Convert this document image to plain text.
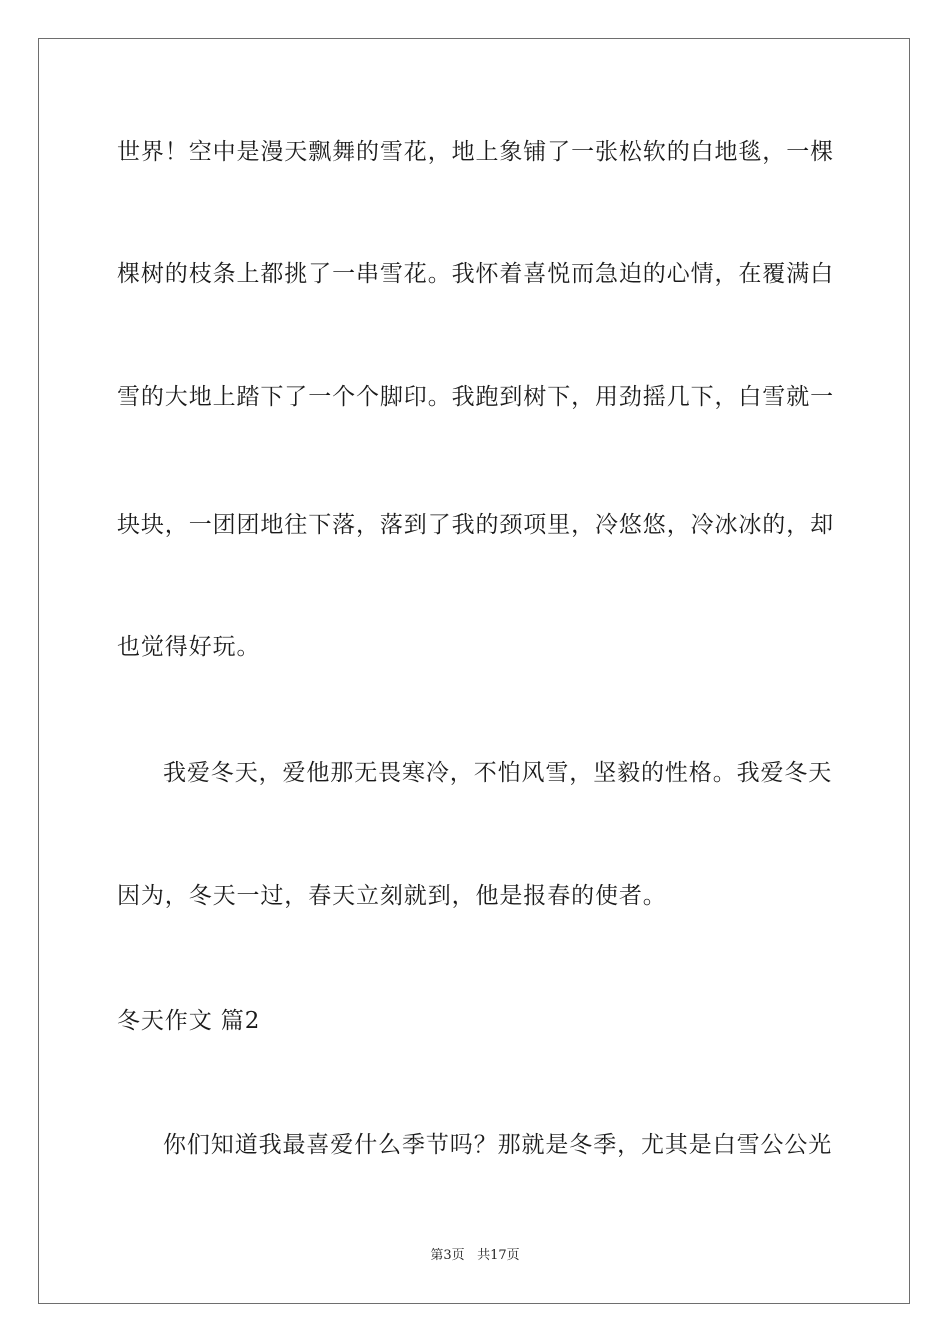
世界！空中是漫天飘舞的雪花，地上象铺了一张松软的白地毯，一棵
棵树的枝条上都挑了一串雪花。我怀着喜悦而急迫的心情，在覆满白
雪的大地上踏下了一个个脚印。我跑到树下，用劲摇几下，白雪就一
块块，一团团地往下落，落到了我的颈项里，冷悠悠，冷冰冰的，却
也觉得好玩。
我爱冬天，爱他那无畏寒冷，不怕风雪，坚毅的性格。我爱冬天
因为，冬天一过，春天立刻就到，他是报春的使者。
冬天作文 篇2
你们知道我最喜爱什么季节吗？那就是冬季，尤其是白雪公公光
第3页 共17页
